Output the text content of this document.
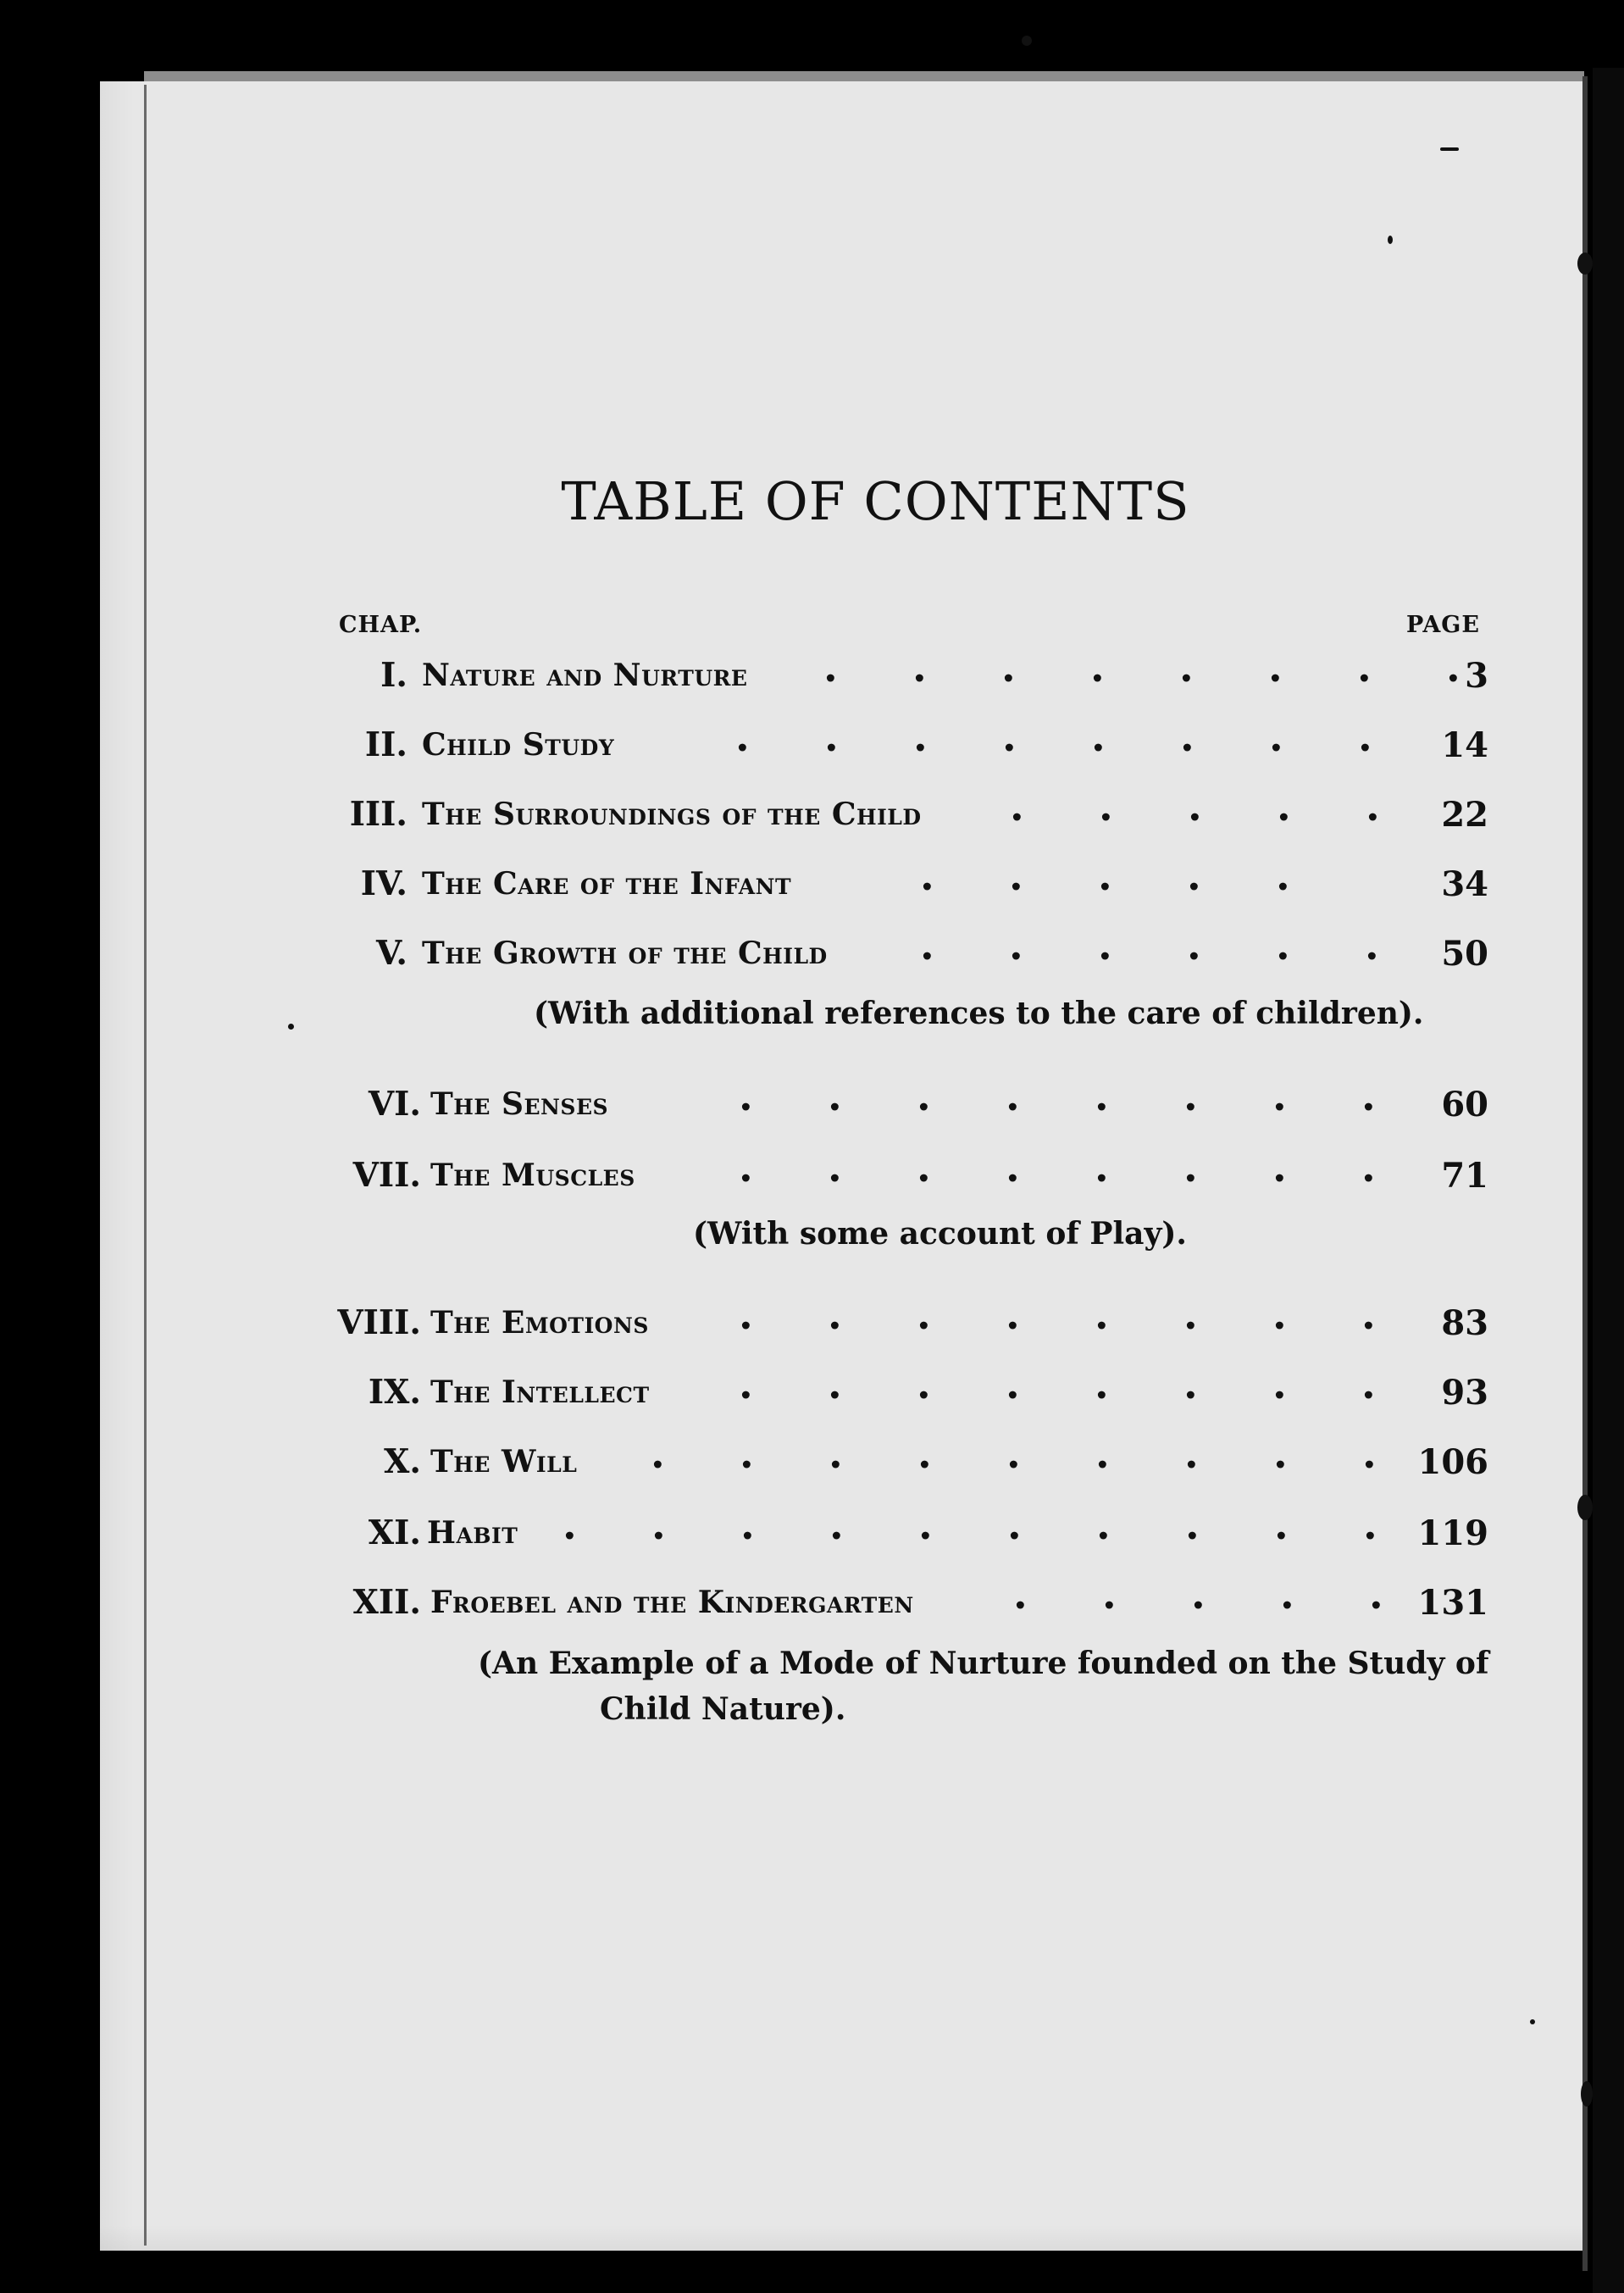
TABLE OF CONTENTS
CHAP.	PAGE
I. Nature and Nurture . . . . . . . . 3
II. Child Study	. . . . . . . .	14
III. The Surroundings of the Child . . . . .	22
IV. The Care of the Infant	. . . . .	34
V. The Growth of the Child . . . . . .	50
(With additional references to the care of children).
VI. The Senses	. . . . . . . .	60
VII. The Muscles	. . . . . . . .	71
(With some account of Play).
VIII. The Emotions . . . . . . . .	83
IX. The Intellect . . . . . . . .	93
X. The Will . . . . . . . . .	106
XI. Habit . . . . . . . . . .	119
XII. Froebel and the Kindergarten . . . . .	131
(An Example of a Mode of Nurture founded on the Study of
Child Nature).
